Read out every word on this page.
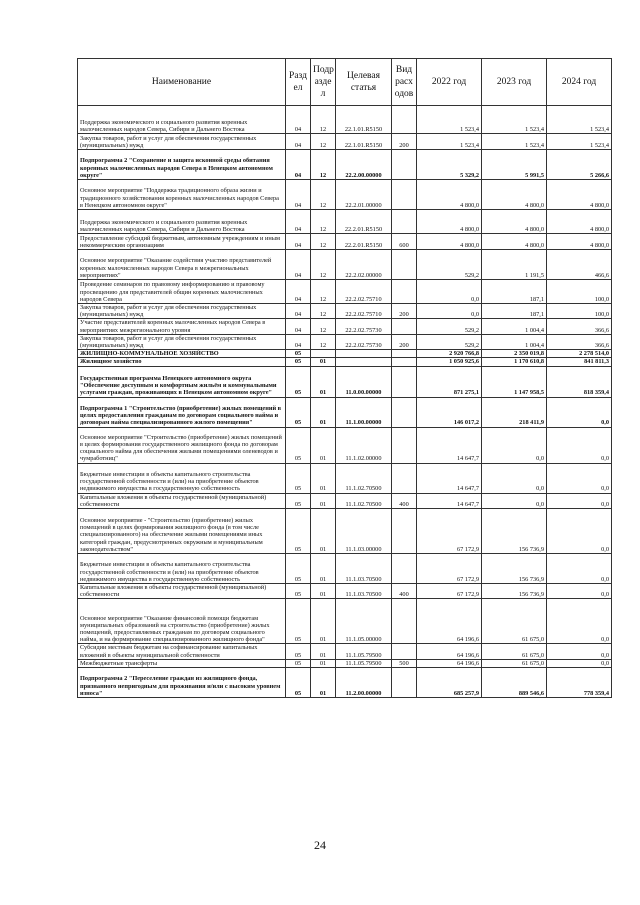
Наименование	Разд ел	Подр азде л	Целевая статья	Вид расх одов	2022 год	2023 год	2024 год
Поддержка экономического и социального развития коренных малочисленных народов Севера, Сибири и Дальнего Востока	04	12	22.1.01.R5150		1 523,4	1 523,4	1 523,4
Закупка товаров, работ и услуг для обеспечения государственных (муниципальных) нужд	04	12	22.1.01.R5150	200	1 523,4	1 523,4	1 523,4
Подпрограмма 2 "Сохранение и защита исконной среды обитания коренных малочисленных народов Севера в Ненецком автономном округе"	04	12	22.2.00.00000		5 329,2	5 991,5	5 266,6
Основное мероприятие "Поддержка традиционного образа жизни и традиционного хозяйствования коренных малочисленных народов Севера в Ненецком автономном округе"	04	12	22.2.01.00000		4 800,0	4 800,0	4 800,0
Поддержка экономического и социального развития коренных малочисленных народов Севера, Сибири и Дальнего Востока	04	12	22.2.01.R5150		4 800,0	4 800,0	4 800,0
Предоставление субсидий бюджетным, автономным учреждениям и иным некоммерческим организациям	04	12	22.2.01.R5150	600	4 800,0	4 800,0	4 800,0
Основное мероприятие "Оказание содействия участию представителей коренных малочисленных народов Севера в межрегиональных мероприятиях"	04	12	22.2.02.00000		529,2	1 191,5	466,6
Проведение семинаров по правовому информированию и правовому просвещению для представителей общин коренных малочисленных народов Севера	04	12	22.2.02.75710		0,0	187,1	100,0
Закупка товаров, работ и услуг для обеспечения государственных (муниципальных) нужд	04	12	22.2.02.75710	200	0,0	187,1	100,0
Участие представителей коренных малочисленных народов Севера в мероприятиях межрегионального уровня	04	12	22.2.02.75730		529,2	1 004,4	366,6
Закупка товаров, работ и услуг для обеспечения государственных (муниципальных) нужд	04	12	22.2.02.75730	200	529,2	1 004,4	366,6
ЖИЛИЩНО-КОММУНАЛЬНОЕ ХОЗЯЙСТВО	05				2 920 766,8	2 350 019,8	2 278 514,0
Жилищное хозяйство	05	01			1 050 925,6	1 170 610,8	841 811,3
Государственная программа Ненецкого автономного округа "Обеспечение доступным и комфортным жильём и коммунальными услугами граждан, проживающих в Ненецком автономном округе"	05	01	11.0.00.00000		871 275,1	1 147 958,5	818 359,4
Подпрограмма 1 "Строительство (приобретение) жилых помещений в целях предоставления гражданам по договорам социального найма и договорам найма специализированного жилого помещения"	05	01	11.1.00.00000		146 017,2	218 411,9	0,0
Основное мероприятие "Строительство (приобретение) жилых помещений в целях формирования государственного жилищного фонда по договорам социального найма для обеспечения жилыми помещениями оленеводов и чумработниц"	05	01	11.1.02.00000		14 647,7	0,0	0,0
Бюджетные инвестиции в объекты капитального строительства государственной собственности и (или) на приобретение объектов недвижимого имущества в государственную собственность	05	01	11.1.02.70500		14 647,7	0,0	0,0
Капитальные вложения в объекты государственной (муниципальной) собственности	05	01	11.1.02.70500	400	14 647,7	0,0	0,0
Основное мероприятие - "Строительство (приобретение) жилых помещений в целях формирования жилищного фонда (в том числе специализированного) на обеспечение жилыми помещениями иных категорий граждан, предусмотренных окружным и муниципальным законодательством"	05	01	11.1.03.00000		67 172,9	156 736,9	0,0
Бюджетные инвестиции в объекты капитального строительства государственной собственности и (или) на приобретение объектов недвижимого имущества в государственную собственность	05	01	11.1.03.70500		67 172,9	156 736,9	0,0
Капитальные вложения в объекты государственной (муниципальной) собственности	05	01	11.1.03.70500	400	67 172,9	156 736,9	0,0
Основное мероприятие "Оказание финансовой помощи бюджетам муниципальных образований на строительство (приобретение) жилых помещений, предоставляемых гражданам по договорам социального найма, и на формирование специализированного жилищного фонда"	05	01	11.1.05.00000		64 196,6	61 675,0	0,0
Субсидии местным бюджетам на софинансирование капитальных вложений в объекты муниципальной собственности	05	01	11.1.05.79500		64 196,6	61 675,0	0,0
Межбюджетные трансферты	05	01	11.1.05.79500	500	64 196,6	61 675,0	0,0
Подпрограмма 2 "Переселение граждан из жилищного фонда, признанного непригодным для проживания и/или с высоким уровнем износа"	05	01	11.2.00.00000		685 257,9	889 546,6	778 359,4
24
